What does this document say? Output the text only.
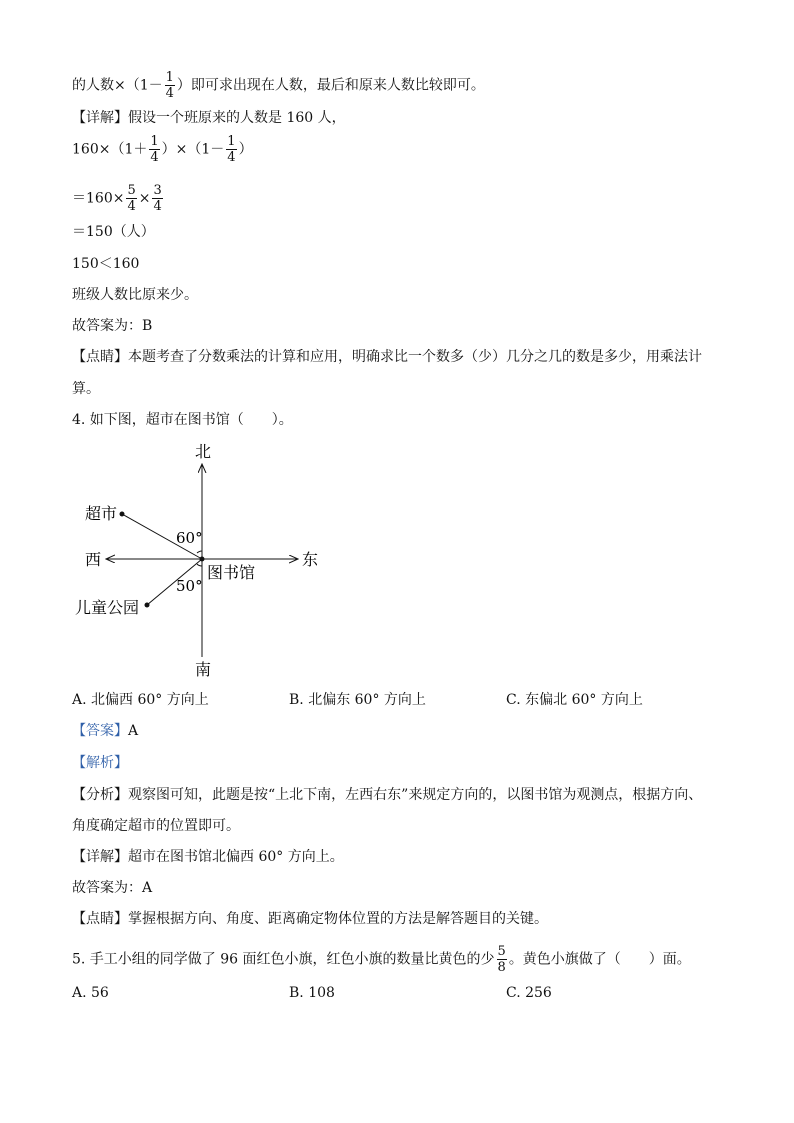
的人数$\times(1- \frac{1}{4}$ ）即可求出现在人数，最后和原来人数比较即可。
【详解】假设一个班原来的人数是 160 人，
$160\times(1+ \frac{1}{4} )\times(1- \frac{1}{4}$ ）
$=160\times \frac{5}{4} \times \frac{3}{4}$
＝150（人）
150＜160
班级人数比原来少。
故答案为：B
【点睛】本题考查了分数乘法的计算和应用，明确求比一个数多（少）几分之几的数是多少，用乘法计
算。
4. 如下图，超市在图书馆（　　）。
北
南
西	东
超市
图书馆
儿童公园
60°
50°
A. 北偏西 60° 方向上	B. 北偏东 60° 方向上	C. 东偏北 60° 方向上
【答案】A
【解析】
【分析】观察图可知，此题是按“上北下南，左西右东”来规定方向的，以图书馆为观测点，根据方向、
角度确定超市的位置即可。
【详解】超市在图书馆北偏西 60° 方向上。
故答案为：A
【点睛】掌握根据方向、角度、距离确定物体位置的方法是解答题目的关键。
5. 手工小组的同学做了 96 面红色小旗，红色小旗的数量比黄色的少 $\frac{5}{8}$ 。黄色小旗做了（　　）面。
A. 56	B. 108	C. 256
